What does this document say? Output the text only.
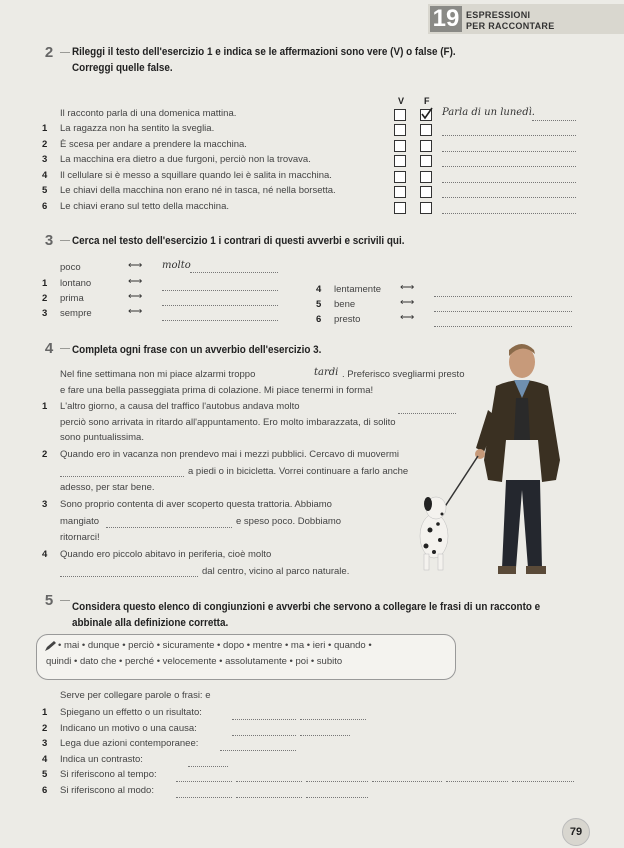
19 ESPRESSIONI
PER RACCONTARE
2	Rileggi il testo dell'esercizio 1 e indica se le affermazioni sono vere (V) o false (F).
Correggi quelle false.
V F
Il racconto parla di una domenica mattina.	Parla di un lunedì.
1 La ragazza non ha sentito la sveglia.
2 È scesa per andare a prendere la macchina.
3 La macchina era dietro a due furgoni, perciò non la trovava.
4 Il cellulare si è messo a squillare quando lei è salita in macchina.
5 Le chiavi della macchina non erano né in tasca, né nella borsetta.
6 Le chiavi erano sul tetto della macchina.
3	Cerca nel testo dell'esercizio 1 i contrari di questi avverbi e scrivili qui.
poco	⟷ molto
1 lontano	⟷
2 prima	⟷
3 sempre	⟷
4 lentamente ⟷
5 bene	⟷
6 presto	⟷
4	Completa ogni frase con un avverbio dell'esercizio 3.
Nel fine settimana non mi piace alzarmi troppo	tardi . Preferisco svegliarmi presto
e fare una bella passeggiata prima di colazione. Mi piace tenermi in forma!
1 L'altro giorno, a causa del traffico l'autobus andava molto
perciò sono arrivata in ritardo all'appuntamento. Ero molto imbarazzata, di solito
sono puntualissima.
2 Quando ero in vacanza non prendevo mai i mezzi pubblici. Cercavo di muovermi
a piedi o in bicicletta. Vorrei continuare a farlo anche
adesso, per star bene.
3 Sono proprio contenta di aver scoperto questa trattoria. Abbiamo
mangiato	e speso poco. Dobbiamo
ritornarci!
4 Quando ero piccolo abitavo in periferia, cioè molto
dal centro, vicino al parco naturale.
5	Considera questo elenco di congiunzioni e avverbi che servono a collegare le frasi di un racconto e
abbinale alla definizione corretta.
• mai • dunque • perciò • sicuramente • dopo • mentre • ma • ieri • quando •
quindi • dato che • perché • velocemente • assolutamente • poi • subito
Serve per collegare parole o frasi: e
1 Spiegano un effetto o un risultato:
2 Indicano un motivo o una causa:
3 Lega due azioni contemporanee:
4 Indica un contrasto:
5 Si riferiscono al tempo:
6 Si riferiscono al modo:
79
